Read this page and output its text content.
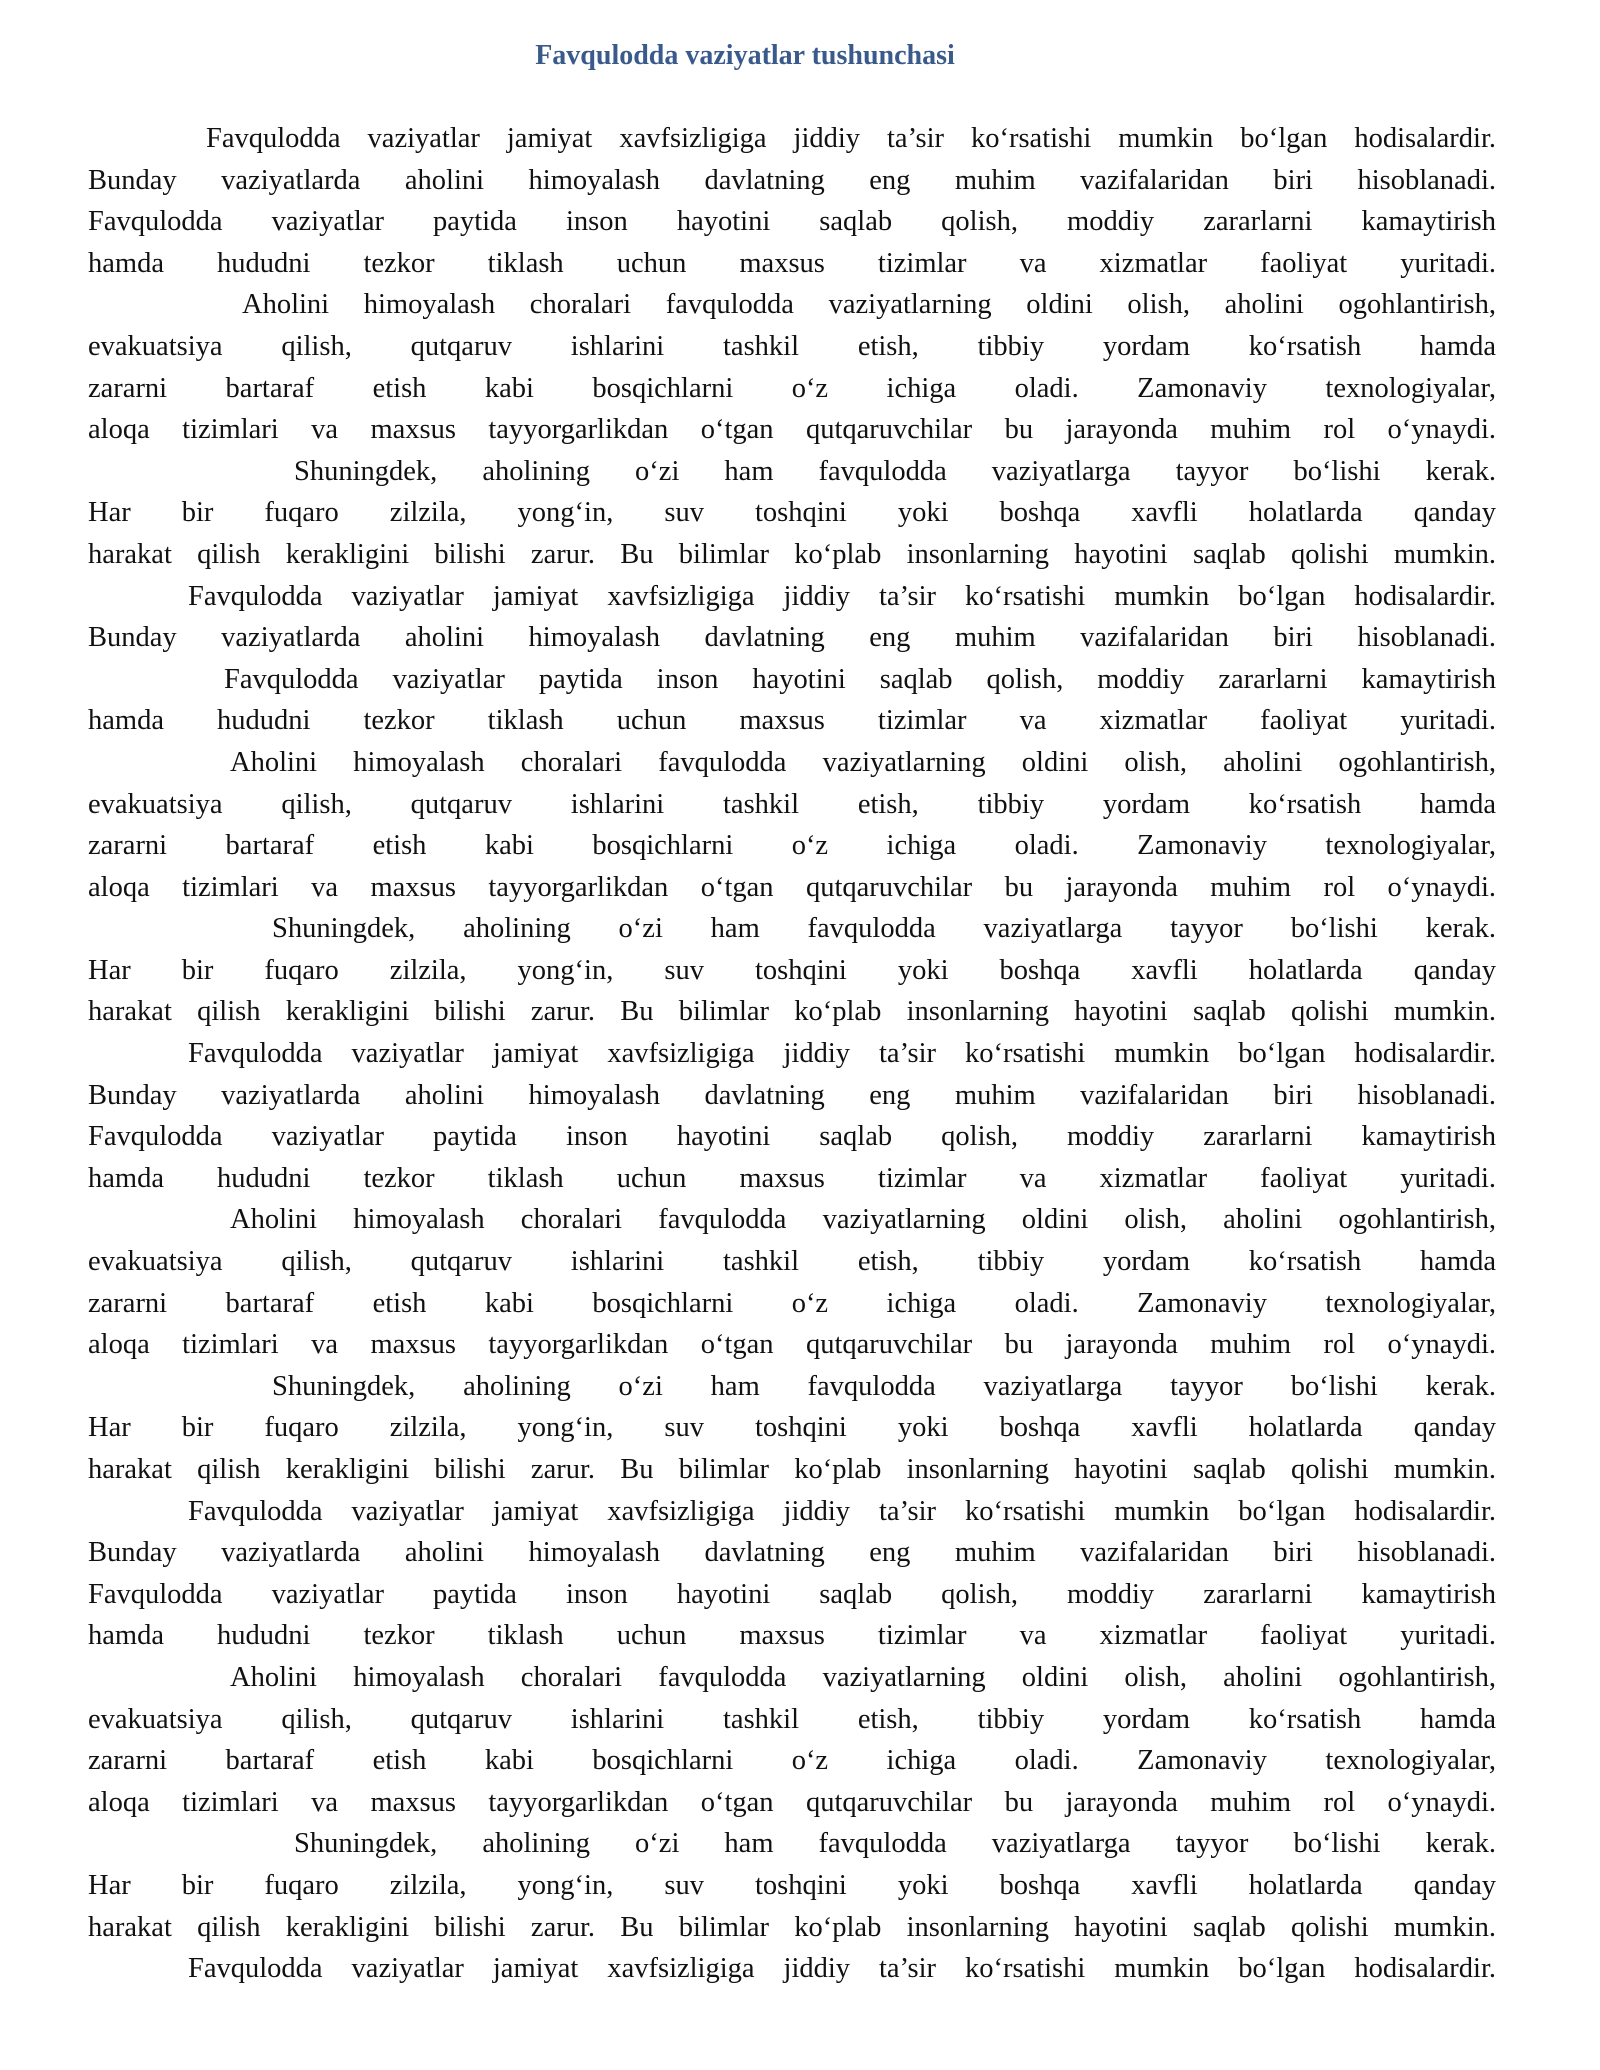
Favqulodda vaziyatlar tushunchasi
Favqulodda vaziyatlar jamiyat xavfsizligiga jiddiy ta’sir ko‘rsatishi mumkin bo‘lgan hodisalardir.
Bunday vaziyatlarda aholini himoyalash davlatning eng muhim vazifalaridan biri hisoblanadi.
Favqulodda vaziyatlar paytida inson hayotini saqlab qolish, moddiy zararlarni kamaytirish
hamda hududni tezkor tiklash uchun maxsus tizimlar va xizmatlar faoliyat yuritadi.
Aholini himoyalash choralari favqulodda vaziyatlarning oldini olish, aholini ogohlantirish,
evakuatsiya qilish, qutqaruv ishlarini tashkil etish, tibbiy yordam ko‘rsatish hamda
zararni bartaraf etish kabi bosqichlarni o‘z ichiga oladi. Zamonaviy texnologiyalar,
aloqa tizimlari va maxsus tayyorgarlikdan o‘tgan qutqaruvchilar bu jarayonda muhim rol o‘ynaydi.
Shuningdek, aholining o‘zi ham favqulodda vaziyatlarga tayyor bo‘lishi kerak.
Har bir fuqaro zilzila, yong‘in, suv toshqini yoki boshqa xavfli holatlarda qanday
harakat qilish kerakligini bilishi zarur. Bu bilimlar ko‘plab insonlarning hayotini saqlab qolishi mumkin.
Favqulodda vaziyatlar jamiyat xavfsizligiga jiddiy ta’sir ko‘rsatishi mumkin bo‘lgan hodisalardir.
Bunday vaziyatlarda aholini himoyalash davlatning eng muhim vazifalaridan biri hisoblanadi.
Favqulodda vaziyatlar paytida inson hayotini saqlab qolish, moddiy zararlarni kamaytirish
hamda hududni tezkor tiklash uchun maxsus tizimlar va xizmatlar faoliyat yuritadi.
Aholini himoyalash choralari favqulodda vaziyatlarning oldini olish, aholini ogohlantirish,
evakuatsiya qilish, qutqaruv ishlarini tashkil etish, tibbiy yordam ko‘rsatish hamda
zararni bartaraf etish kabi bosqichlarni o‘z ichiga oladi. Zamonaviy texnologiyalar,
aloqa tizimlari va maxsus tayyorgarlikdan o‘tgan qutqaruvchilar bu jarayonda muhim rol o‘ynaydi.
Shuningdek, aholining o‘zi ham favqulodda vaziyatlarga tayyor bo‘lishi kerak.
Har bir fuqaro zilzila, yong‘in, suv toshqini yoki boshqa xavfli holatlarda qanday
harakat qilish kerakligini bilishi zarur. Bu bilimlar ko‘plab insonlarning hayotini saqlab qolishi mumkin.
Favqulodda vaziyatlar jamiyat xavfsizligiga jiddiy ta’sir ko‘rsatishi mumkin bo‘lgan hodisalardir.
Bunday vaziyatlarda aholini himoyalash davlatning eng muhim vazifalaridan biri hisoblanadi.
Favqulodda vaziyatlar paytida inson hayotini saqlab qolish, moddiy zararlarni kamaytirish
hamda hududni tezkor tiklash uchun maxsus tizimlar va xizmatlar faoliyat yuritadi.
Aholini himoyalash choralari favqulodda vaziyatlarning oldini olish, aholini ogohlantirish,
evakuatsiya qilish, qutqaruv ishlarini tashkil etish, tibbiy yordam ko‘rsatish hamda
zararni bartaraf etish kabi bosqichlarni o‘z ichiga oladi. Zamonaviy texnologiyalar,
aloqa tizimlari va maxsus tayyorgarlikdan o‘tgan qutqaruvchilar bu jarayonda muhim rol o‘ynaydi.
Shuningdek, aholining o‘zi ham favqulodda vaziyatlarga tayyor bo‘lishi kerak.
Har bir fuqaro zilzila, yong‘in, suv toshqini yoki boshqa xavfli holatlarda qanday
harakat qilish kerakligini bilishi zarur. Bu bilimlar ko‘plab insonlarning hayotini saqlab qolishi mumkin.
Favqulodda vaziyatlar jamiyat xavfsizligiga jiddiy ta’sir ko‘rsatishi mumkin bo‘lgan hodisalardir.
Bunday vaziyatlarda aholini himoyalash davlatning eng muhim vazifalaridan biri hisoblanadi.
Favqulodda vaziyatlar paytida inson hayotini saqlab qolish, moddiy zararlarni kamaytirish
hamda hududni tezkor tiklash uchun maxsus tizimlar va xizmatlar faoliyat yuritadi.
Aholini himoyalash choralari favqulodda vaziyatlarning oldini olish, aholini ogohlantirish,
evakuatsiya qilish, qutqaruv ishlarini tashkil etish, tibbiy yordam ko‘rsatish hamda
zararni bartaraf etish kabi bosqichlarni o‘z ichiga oladi. Zamonaviy texnologiyalar,
aloqa tizimlari va maxsus tayyorgarlikdan o‘tgan qutqaruvchilar bu jarayonda muhim rol o‘ynaydi.
Shuningdek, aholining o‘zi ham favqulodda vaziyatlarga tayyor bo‘lishi kerak.
Har bir fuqaro zilzila, yong‘in, suv toshqini yoki boshqa xavfli holatlarda qanday
harakat qilish kerakligini bilishi zarur. Bu bilimlar ko‘plab insonlarning hayotini saqlab qolishi mumkin.
Favqulodda vaziyatlar jamiyat xavfsizligiga jiddiy ta’sir ko‘rsatishi mumkin bo‘lgan hodisalardir.
